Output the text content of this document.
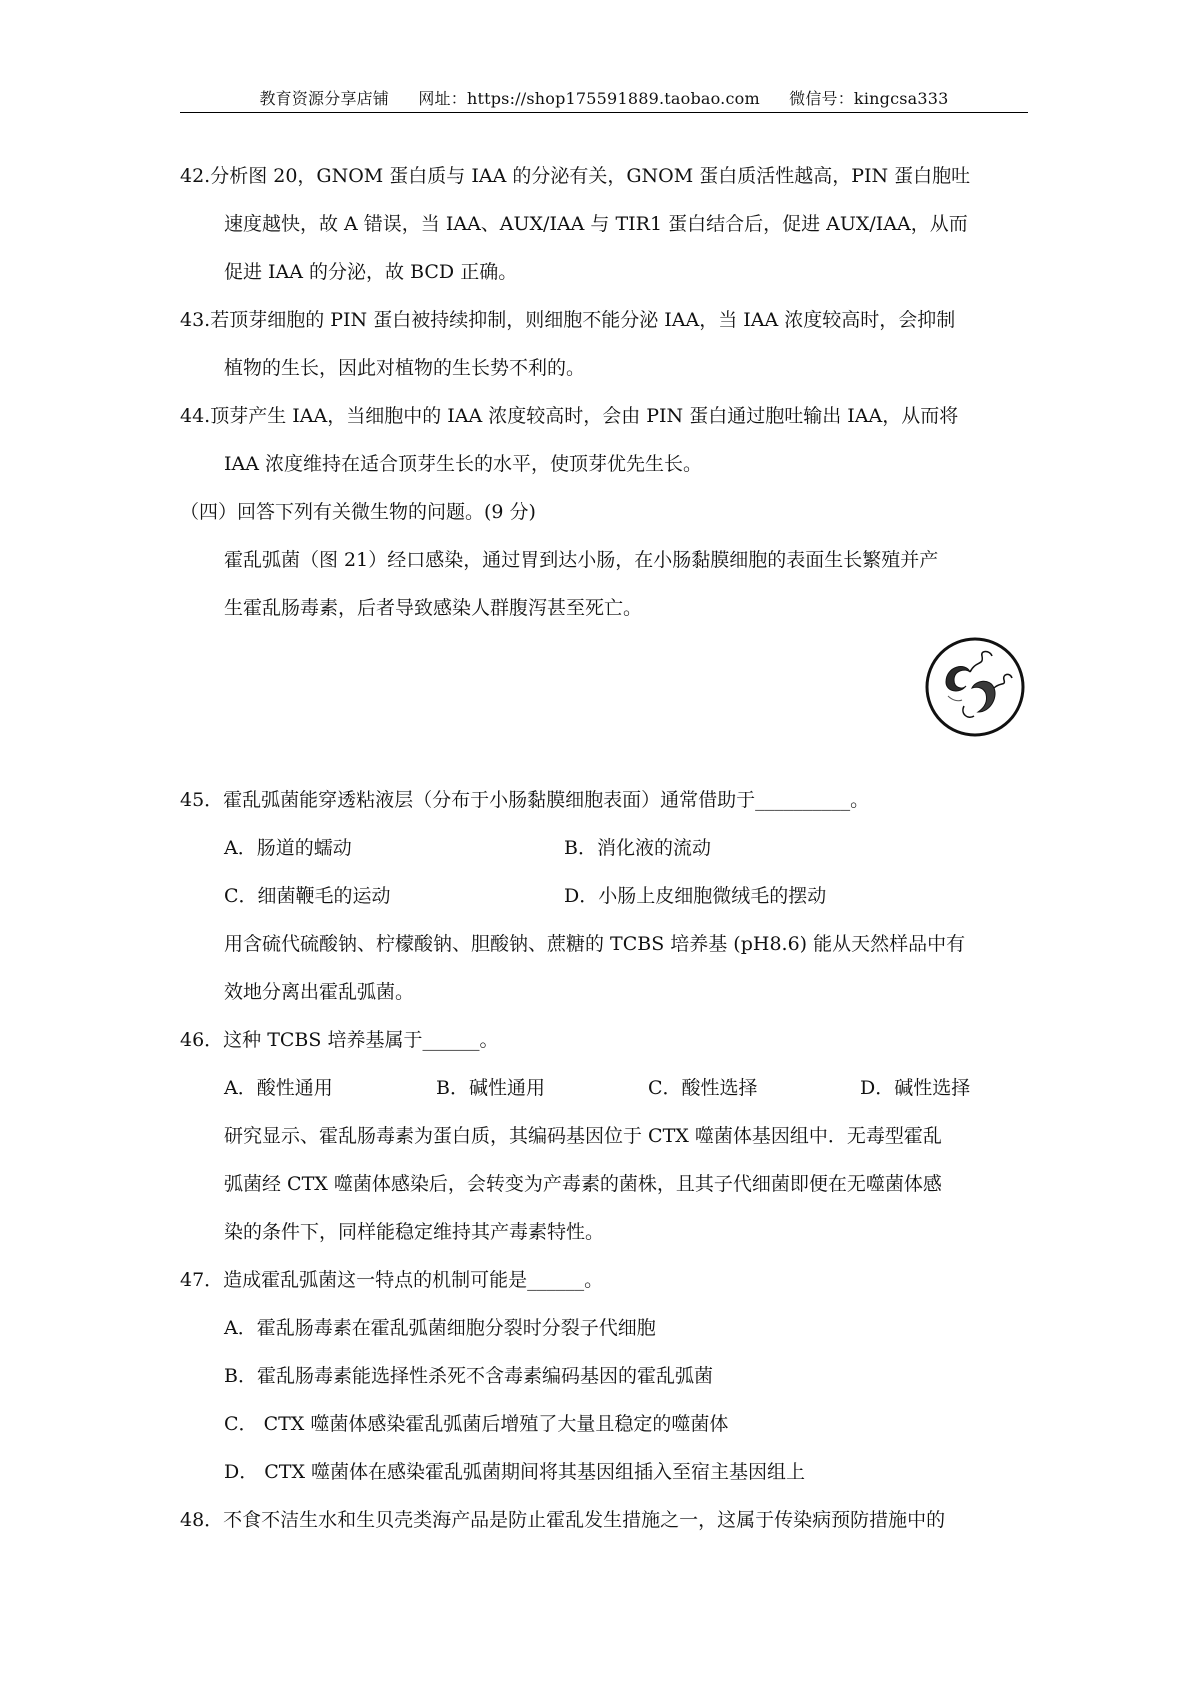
教育资源分享店铺 网址：https://shop175591889.taobao.com 微信号：kingcsa333
42.分析图 20，GNOM 蛋白质与 IAA 的分泌有关，GNOM 蛋白质活性越高，PIN 蛋白胞吐
速度越快，故 A 错误，当 IAA、AUX/IAA 与 TIR1 蛋白结合后，促进 AUX/IAA，从而
促进 IAA 的分泌，故 BCD 正确。
43.若顶芽细胞的 PIN 蛋白被持续抑制，则细胞不能分泌 IAA，当 IAA 浓度较高时，会抑制
植物的生长，因此对植物的生长势不利的。
44.顶芽产生 IAA，当细胞中的 IAA 浓度较高时，会由 PIN 蛋白通过胞吐输出 IAA，从而将
IAA 浓度维持在适合顶芽生长的水平，使顶芽优先生长。
（四）回答下列有关微生物的问题。(9 分)
霍乱弧菌（图 21）经口感染，通过胃到达小肠，在小肠黏膜细胞的表面生长繁殖并产
生霍乱肠毒素，后者导致感染人群腹泻甚至死亡。
45．霍乱弧菌能穿透粘液层（分布于小肠黏膜细胞表面）通常借助于__________。
A．肠道的蠕动	B．消化液的流动
C．细菌鞭毛的运动	D．小肠上皮细胞微绒毛的摆动
用含硫代硫酸钠、柠檬酸钠、胆酸钠、蔗糖的 TCBS 培养基 (pH8.6) 能从天然样品中有
效地分离出霍乱弧菌。
46．这种 TCBS 培养基属于______。
A．酸性通用	B．碱性通用	C．酸性选择	D．碱性选择
研究显示、霍乱肠毒素为蛋白质，其编码基因位于 CTX 噬菌体基因组中．无毒型霍乱
弧菌经 CTX 噬菌体感染后，会转变为产毒素的菌株，且其子代细菌即便在无噬菌体感
染的条件下，同样能稳定维持其产毒素特性。
47．造成霍乱弧菌这一特点的机制可能是______。
A．霍乱肠毒素在霍乱弧菌细胞分裂时分裂子代细胞
B．霍乱肠毒素能选择性杀死不含毒素编码基因的霍乱弧菌
C． CTX 噬菌体感染霍乱弧菌后增殖了大量且稳定的噬菌体
D． CTX 噬菌体在感染霍乱弧菌期间将其基因组插入至宿主基因组上
48．不食不洁生水和生贝壳类海产品是防止霍乱发生措施之一，这属于传染病预防措施中的
